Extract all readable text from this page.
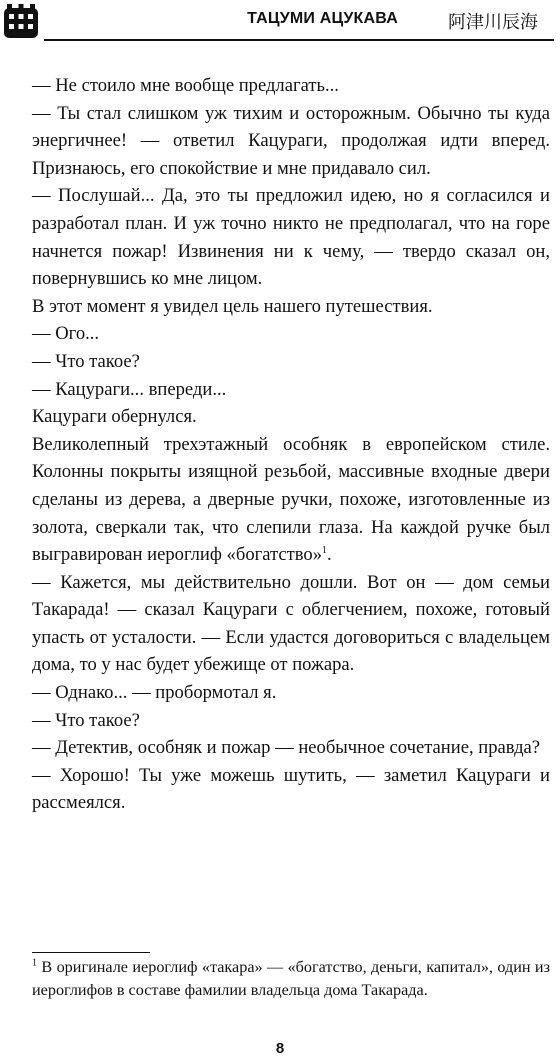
ТАЦУМИ АЦУКАВА	阿津川辰海

— Не стоило мне вообще предлагать...

— Ты стал слишком уж тихим и осторожным. Обычно ты куда энергичнее! — ответил Кацураги, продолжая идти вперед. Признаюсь, его спокойствие и мне придавало сил.

— Послушай... Да, это ты предложил идею, но я согласился и разработал план. И уж точно никто не предполагал, что на горе начнется пожар! Извинения ни к чему, — твердо сказал он, повернувшись ко мне лицом.

В этот момент я увидел цель нашего путешествия.

— Ого...

— Что такое?

— Кацураги... впереди...

Кацураги обернулся.

Великолепный трехэтажный особняк в европейском стиле. Колонны покрыты изящной резьбой, массивные входные двери сделаны из дерева, а дверные ручки, похоже, изготовленные из золота, сверкали так, что слепили глаза. На каждой ручке был выгравирован иероглиф «богатство»$^1$.

— Кажется, мы действительно дошли. Вот он — дом семьи Такарада! — сказал Кацураги с облегчением, похоже, готовый упасть от усталости. — Если удастся договориться с владельцем дома, то у нас будет убежище от пожара.

— Однако... — пробормотал я.

— Что такое?

— Детектив, особняк и пожар — необычное сочетание, правда?

— Хорошо! Ты уже можешь шутить, — заметил Кацураги и рассмеялся.

$^1$ В оригинале иероглиф «такара» — «богатство, деньги, капитал», один из иероглифов в составе фамилии владельца дома Такарада.

8
